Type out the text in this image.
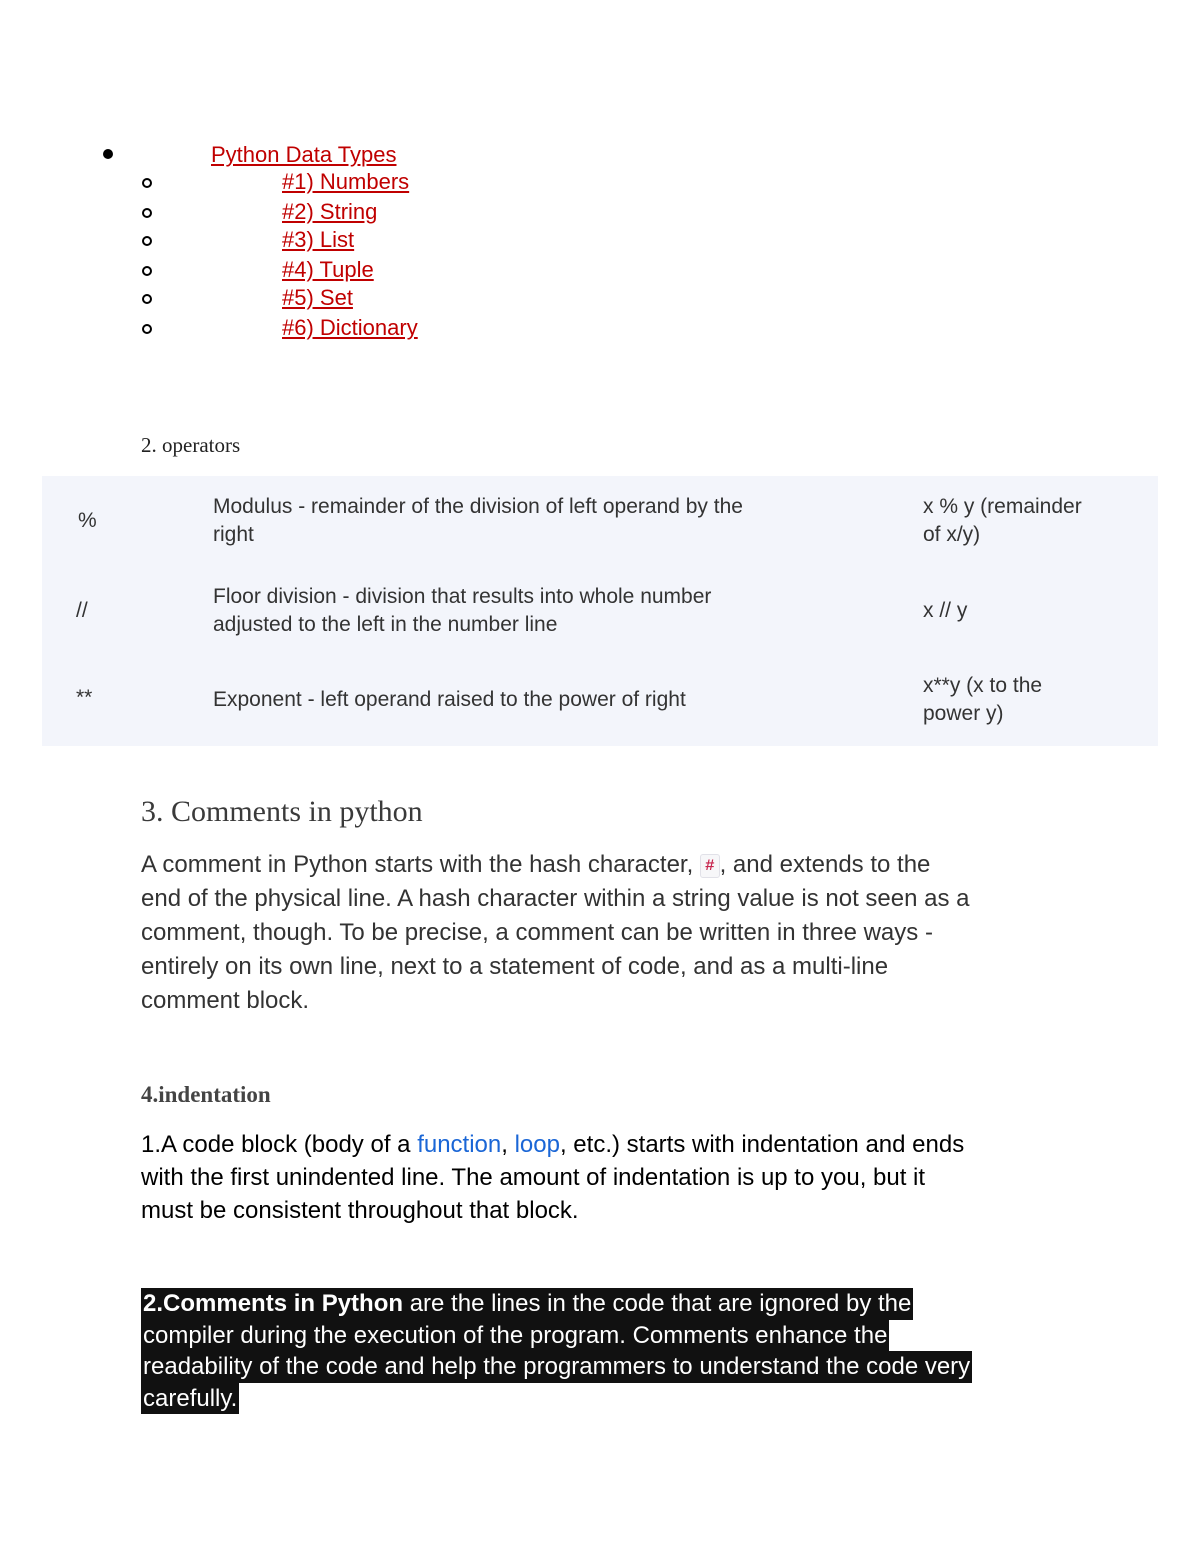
Python Data Types
#1) Numbers
#2) String
#3) List
#4) Tuple
#5) Set
#6) Dictionary
2. operators
%
Modulus - remainder of the division of left operand by the
right
x % y (remainder
of x/y)
//
Floor division - division that results into whole number
adjusted to the left in the number line
x // y
**	Exponent - left operand raised to the power of right
x**y (x to the
power y)
3. Comments in python
A comment in Python starts with the hash character, # , and extends to the
end of the physical line. A hash character within a string value is not seen as a
comment, though. To be precise, a comment can be written in three ways -
entirely on its own line, next to a statement of code, and as a multi-line
comment block.
4.indentation
1.A code block (body of a function, loop, etc.) starts with indentation and ends
with the first unindented line. The amount of indentation is up to you, but it
must be consistent throughout that block.
2.Comments in Python are the lines in the code that are ignored by the
compiler during the execution of the program. Comments enhance the
readability of the code and help the programmers to understand the code very
carefully.
